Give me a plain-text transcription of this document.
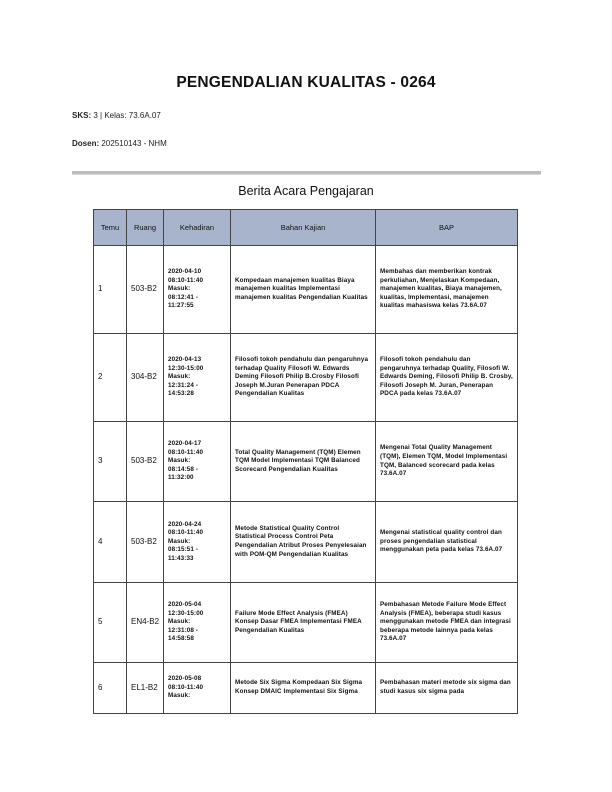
PENGENDALIAN KUALITAS - 0264
SKS: 3 | Kelas: 73.6A.07
Dosen: 202510143 - NHM
Berita Acara Pengajaran
Temu	Ruang	Kehadiran	Bahan Kajian	BAP
1	503-B2	2020-04-10
08:10-11:40
Masuk:
08:12:41 -
11:27:55	Kompedaan manajemen kualitas Biaya manajemen kualitas Implementasi manajemen kualitas Pengendalian Kualitas	Membahas dan memberikan kontrak perkuliahan, Menjelaskan Kompedaan, manajemen kualitas, Biaya manajemen, kualitas, Implementasi, manajemen kualitas mahasiswa kelas 73.6A.07
2	304-B2	2020-04-13
12:30-15:00
Masuk:
12:31:24 -
14:53:28	Filosofi tokoh pendahulu dan pengaruhnya terhadap Quality Filosofi W. Edwards Deming Filosofi Philip B.Crosby Filosofi Joseph M.Juran Penerapan PDCA Pengendalian Kualitas	Filosofi tokoh pendahulu dan pengaruhnya terhadap Quality, Filosofi W. Edwards Deming, Filosofi Philip B. Crosby, Filosofi Joseph M. Juran, Penerapan PDCA pada kelas 73.6A.07
3	503-B2	2020-04-17
08:10-11:40
Masuk:
08:14:58 -
11:32:00	Total Quality Management (TQM) Elemen TQM Model Implementasi TQM Balanced Scorecard Pengendalian Kualitas	Mengenai Total Quality Management (TQM), Elemen TQM, Model Implementasi TQM, Balanced scorecard pada kelas 73.6A.07
4	503-B2	2020-04-24
08:10-11:40
Masuk:
08:15:51 -
11:43:33	Metode Statistical Quality Control Statistical Process Control Peta Pengendalian Atribut Proses Penyelesaian with POM-QM Pengendalian Kualitas	Mengenai statistical quality control dan proses pengendalian statistical menggunakan peta pada kelas 73.6A.07
5	EN4-B2	2020-05-04
12:30-15:00
Masuk:
12:31:08 -
14:58:58	Failure Mode Effect Analysis (FMEA) Konsep Dasar FMEA Implementasi FMEA Pengendalian Kualitas	Pembahasan Metode Failure Mode Effect Analysis (FMEA), beberapa studi kasus menggunakan metode FMEA dan integrasi beberapa metode lainnya pada kelas 73.6A.07
6	EL1-B2	2020-05-08
08:10-11:40
Masuk:	Metode Six Sigma Kompedaan Six Sigma Konsep DMAIC Implementasi Six Sigma	Pembahasan materi metode six sigma dan studi kasus six sigma pada
